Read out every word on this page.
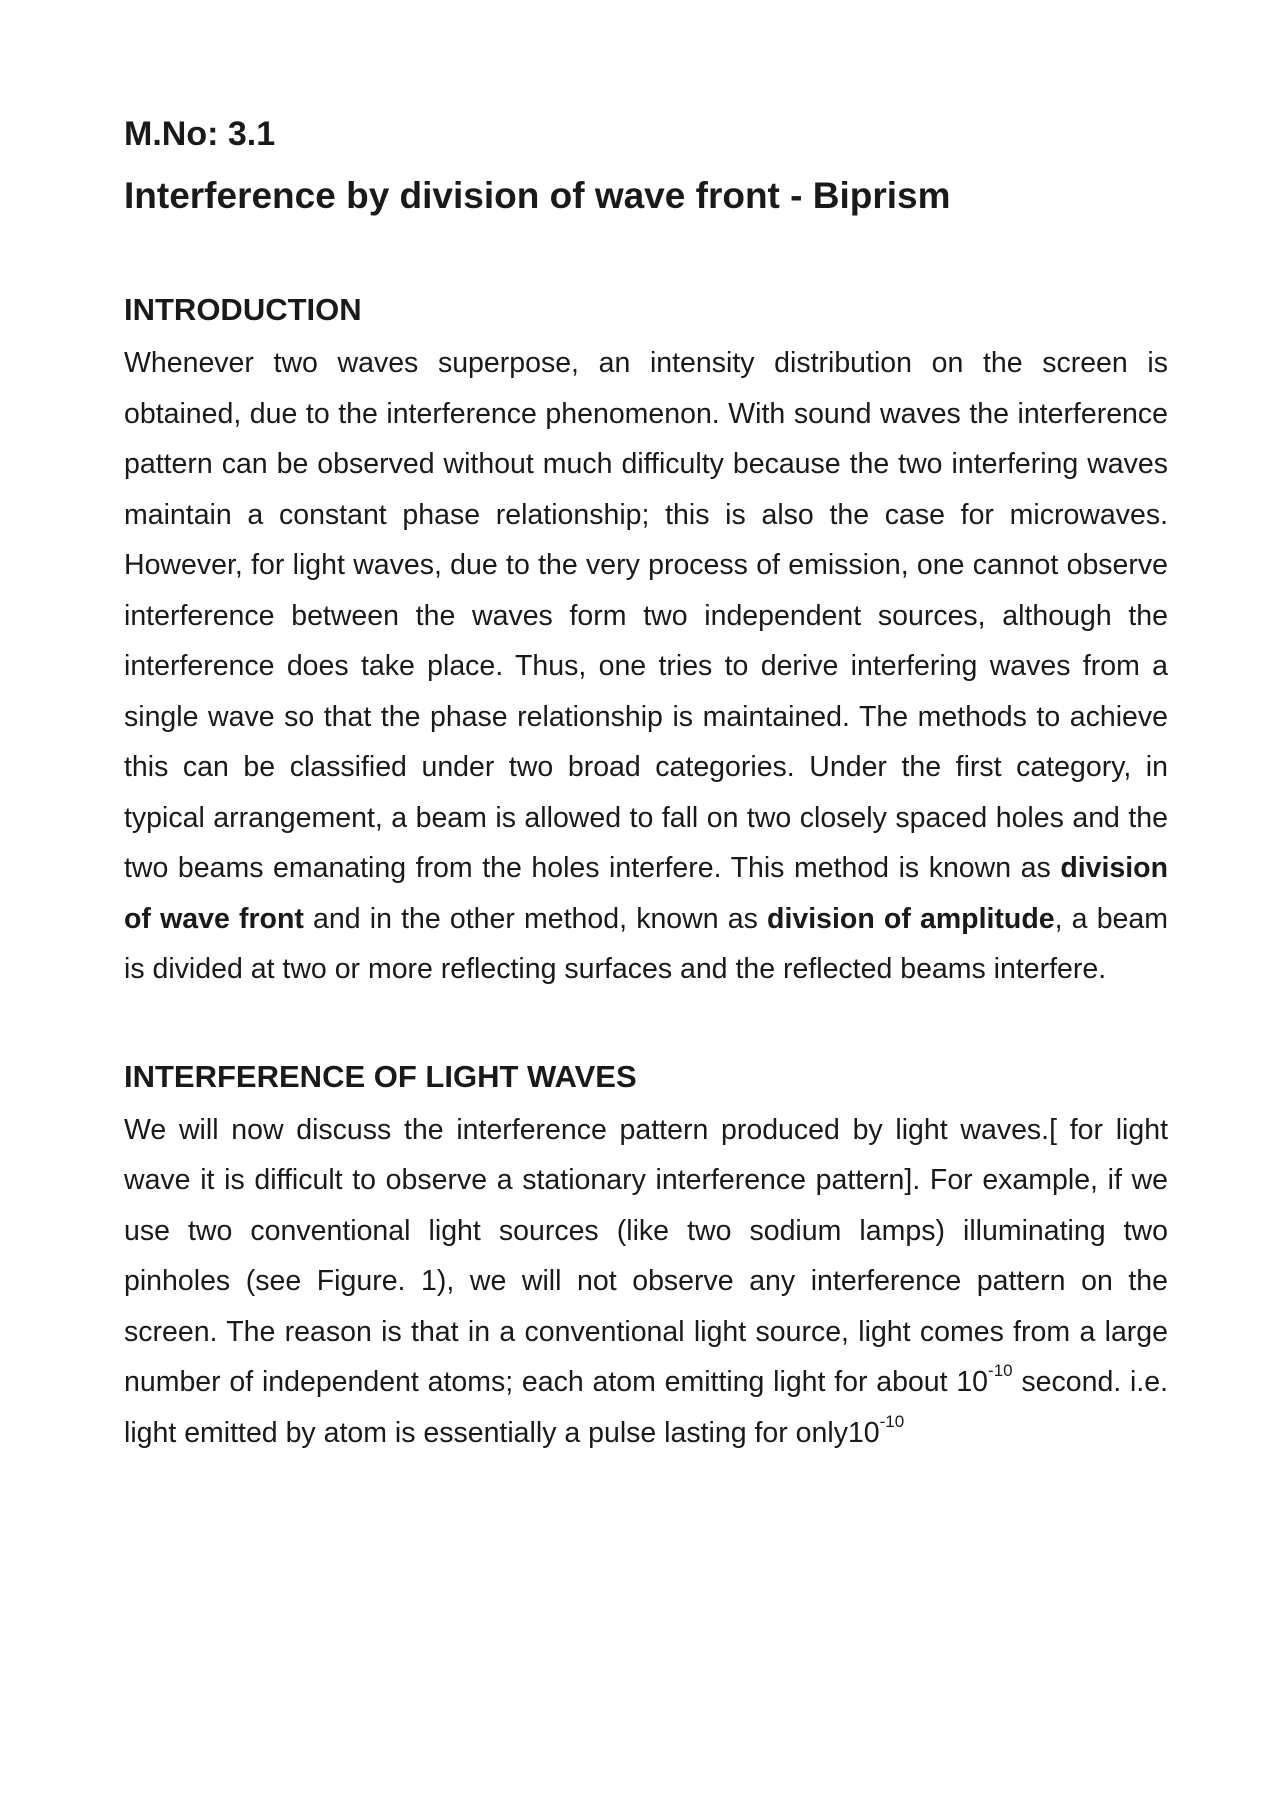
M.No: 3.1
Interference by division of wave front - Biprism
INTRODUCTION

Whenever two waves superpose, an intensity distribution on the screen is obtained, due to the interference phenomenon. With sound waves the interference pattern can be observed without much difficulty because the two interfering waves maintain a constant phase relationship; this is also the case for microwaves. However, for light waves, due to the very process of emission, one cannot observe interference between the waves form two independent sources, although the interference does take place. Thus, one tries to derive interfering waves from a single wave so that the phase relationship is maintained. The methods to achieve this can be classified under two broad categories. Under the first category, in typical arrangement, a beam is allowed to fall on two closely spaced holes and the two beams emanating from the holes interfere. This method is known as division of wave front and in the other method, known as division of amplitude, a beam is divided at two or more reflecting surfaces and the reflected beams interfere.

INTERFERENCE OF LIGHT WAVES

We will now discuss the interference pattern produced by light waves.[ for light wave it is difficult to observe a stationary interference pattern]. For example, if we use two conventional light sources (like two sodium lamps) illuminating two pinholes (see Figure. 1), we will not observe any interference pattern on the screen. The reason is that in a conventional light source, light comes from a large number of independent atoms; each atom emitting light for about $10^{-10}$ second. i.e. light emitted by atom is essentially a pulse lasting for $only10^{-10}$
